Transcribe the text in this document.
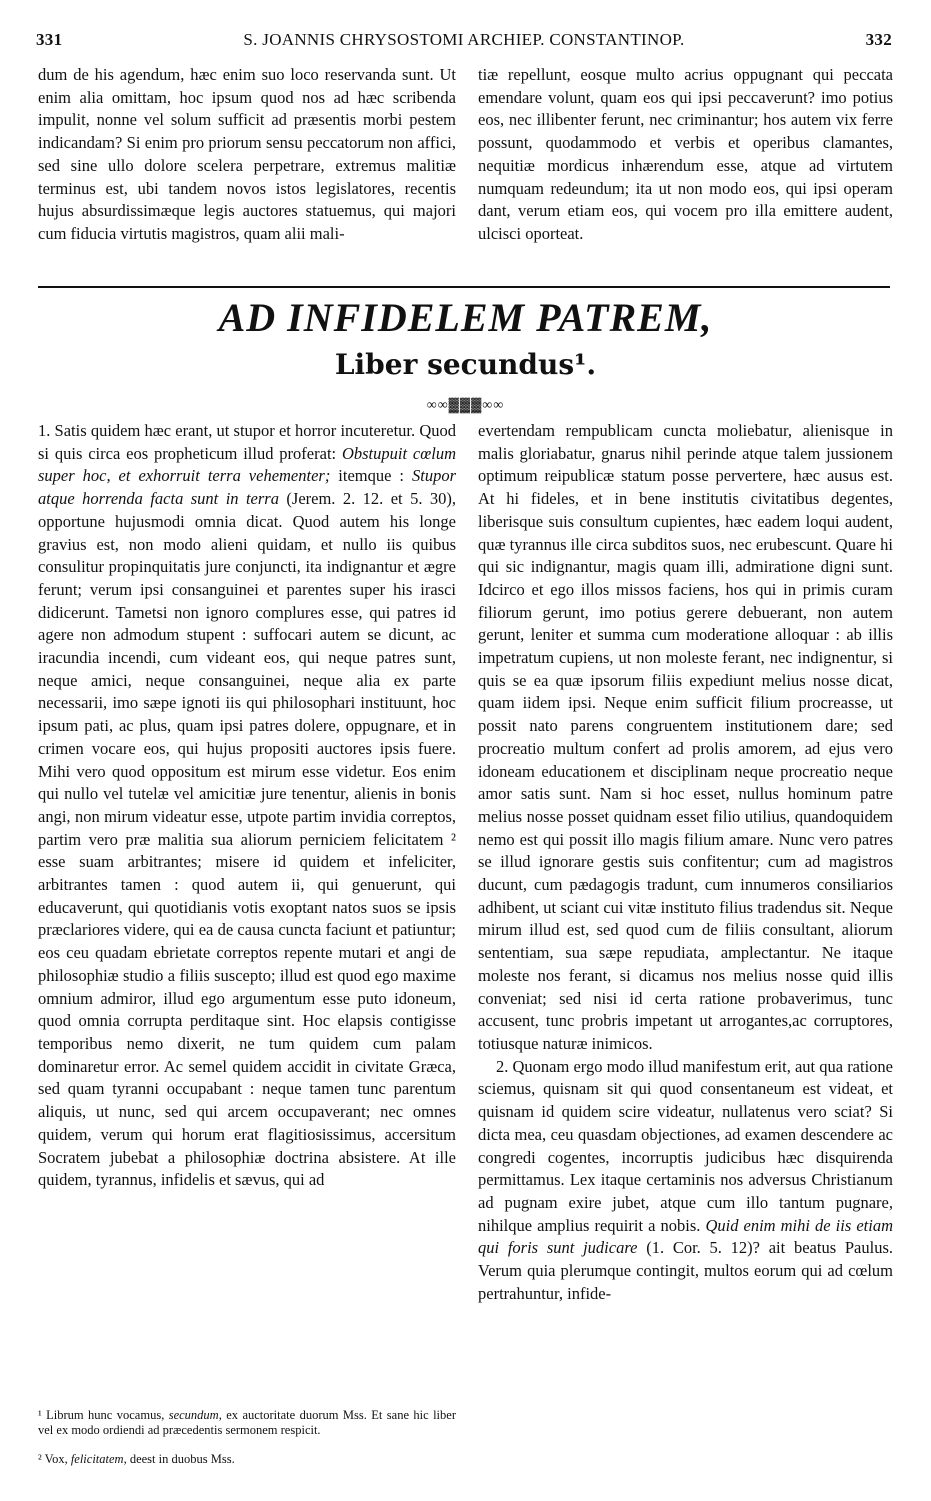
331	S. JOANNIS CHRYSOSTOMI ARCHIEP. CONSTANTINOP.	332

dum de his agendum, hæc enim suo loco reservanda sunt. Ut enim alia omittam, hoc ipsum quod nos ad hæc scribenda impulit, nonne vel solum sufficit ad præsentis morbi pestem indicandam? Si enim pro priorum sensu peccatorum non affici, sed sine ullo dolore scelera perpetrare, extremus malitiæ terminus est, ubi tandem novos istos legislatores, recentis hujus absurdissimæque legis auctores statuemus, qui majori cum fiducia virtutis magistros, quam alii mali-

tiæ repellunt, eosque multo acrius oppugnant qui peccata emendare volunt, quam eos qui ipsi peccaverunt? imo potius eos, nec illibenter ferunt, nec criminantur; hos autem vix ferre possunt, quodammodo et verbis et operibus clamantes, nequitiæ mordicus inhærendum esse, atque ad virtutem numquam redeundum; ita ut non modo eos, qui ipsi operam dant, verum etiam eos, qui vocem pro illa emittere audent, ulcisci oporteat.

AD INFIDELEM PATREM,
Liber secundus¹.
∞∞▓▓▓∞∞

1. Satis quidem hæc erant, ut stupor et horror incuteretur. Quod si quis circa eos propheticum illud proferat: Obstupuit cœlum super hoc, et exhorruit terra vehementer; itemque : Stupor atque horrenda facta sunt in terra (Jerem. 2. 12. et 5. 30), opportune hujusmodi omnia dicat. Quod autem his longe gravius est, non modo alieni quidam, et nullo iis quibus consulitur propinquitatis jure conjuncti, ita indignantur et ægre ferunt; verum ipsi consanguinei et parentes super his irasci didicerunt. Tametsi non ignoro complures esse, qui patres id agere non admodum stupent : suffocari autem se dicunt, ac iracundia incendi, cum videant eos, qui neque patres sunt, neque amici, neque consanguinei, neque alia ex parte necessarii, imo sæpe ignoti iis qui philosophari instituunt, hoc ipsum pati, ac plus, quam ipsi patres dolere, oppugnare, et in crimen vocare eos, qui hujus propositi auctores ipsis fuere. Mihi vero quod oppositum est mirum esse videtur. Eos enim qui nullo vel tutelæ vel amicitiæ jure tenentur, alienis in bonis angi, non mirum videatur esse, utpote partim invidia correptos, partim vero præ malitia sua aliorum perniciem felicitatem ² esse suam arbitrantes; misere id quidem et infeliciter, arbitrantes tamen : quod autem ii, qui genuerunt, qui educaverunt, qui quotidianis votis exoptant natos suos se ipsis præclariores videre, qui ea de causa cuncta faciunt et patiuntur; eos ceu quadam ebrietate correptos repente mutari et angi de philosophiæ studio a filiis suscepto; illud est quod ego maxime omnium admiror, illud ego argumentum esse puto idoneum, quod omnia corrupta perditaque sint. Hoc elapsis contigisse temporibus nemo dixerit, ne tum quidem cum palam dominaretur error. Ac semel quidem accidit in civitate Græca, sed quam tyranni occupabant : neque tamen tunc parentum aliquis, ut nunc, sed qui arcem occupaverant; nec omnes quidem, verum qui horum erat flagitiosissimus, accersitum Socratem jubebat a philosophiæ doctrina absistere. At ille quidem, tyrannus, infidelis et sævus, qui ad

evertendam rempublicam cuncta moliebatur, alienisque in malis gloriabatur, gnarus nihil perinde atque talem jussionem optimum reipublicæ statum posse pervertere, hæc ausus est. At hi fideles, et in bene institutis civitatibus degentes, liberisque suis consultum cupientes, hæc eadem loqui audent, quæ tyrannus ille circa subditos suos, nec erubescunt. Quare hi qui sic indignantur, magis quam illi, admiratione digni sunt. Idcirco et ego illos missos faciens, hos qui in primis curam filiorum gerunt, imo potius gerere debuerant, non autem gerunt, leniter et summa cum moderatione alloquar : ab illis impetratum cupiens, ut non moleste ferant, nec indignentur, si quis se ea quæ ipsorum filiis expediunt melius nosse dicat, quam iidem ipsi. Neque enim sufficit filium procreasse, ut possit nato parens congruentem institutionem dare; sed procreatio multum confert ad prolis amorem, ad ejus vero idoneam educationem et disciplinam neque procreatio neque amor satis sunt. Nam si hoc esset, nullus hominum patre melius nosse posset quidnam esset filio utilius, quandoquidem nemo est qui possit illo magis filium amare. Nunc vero patres se illud ignorare gestis suis confitentur; cum ad magistros ducunt, cum pædagogis tradunt, cum innumeros consiliarios adhibent, ut sciant cui vitæ instituto filius tradendus sit. Neque mirum illud est, sed quod cum de filiis consultant, aliorum sententiam, sua sæpe repudiata, amplectantur. Ne itaque moleste nos ferant, si dicamus nos melius nosse quid illis conveniat; sed nisi id certa ratione probaverimus, tunc accusent, tunc probris impetant ut arrogantes,ac corruptores, totiusque naturæ inimicos.

2. Quonam ergo modo illud manifestum erit, aut qua ratione sciemus, quisnam sit qui quod consentaneum est videat, et quisnam id quidem scire videatur, nullatenus vero sciat? Si dicta mea, ceu quasdam objectiones, ad examen descendere ac congredi cogentes, incorruptis judicibus hæc disquirenda permittamus. Lex itaque certaminis nos adversus Christianum ad pugnam exire jubet, atque cum illo tantum pugnare, nihilque amplius requirit a nobis. Quid enim mihi de iis etiam qui foris sunt judicare (1. Cor. 5. 12)? ait beatus Paulus. Verum quia plerumque contingit, multos eorum qui ad cœlum pertrahuntur, infide-

¹ Librum hunc vocamus, secundum, ex auctoritate duorum Mss. Et sane hic liber vel ex modo ordiendi ad præcedentis sermonem respicit.
² Vox, felicitatem, deest in duobus Mss.
